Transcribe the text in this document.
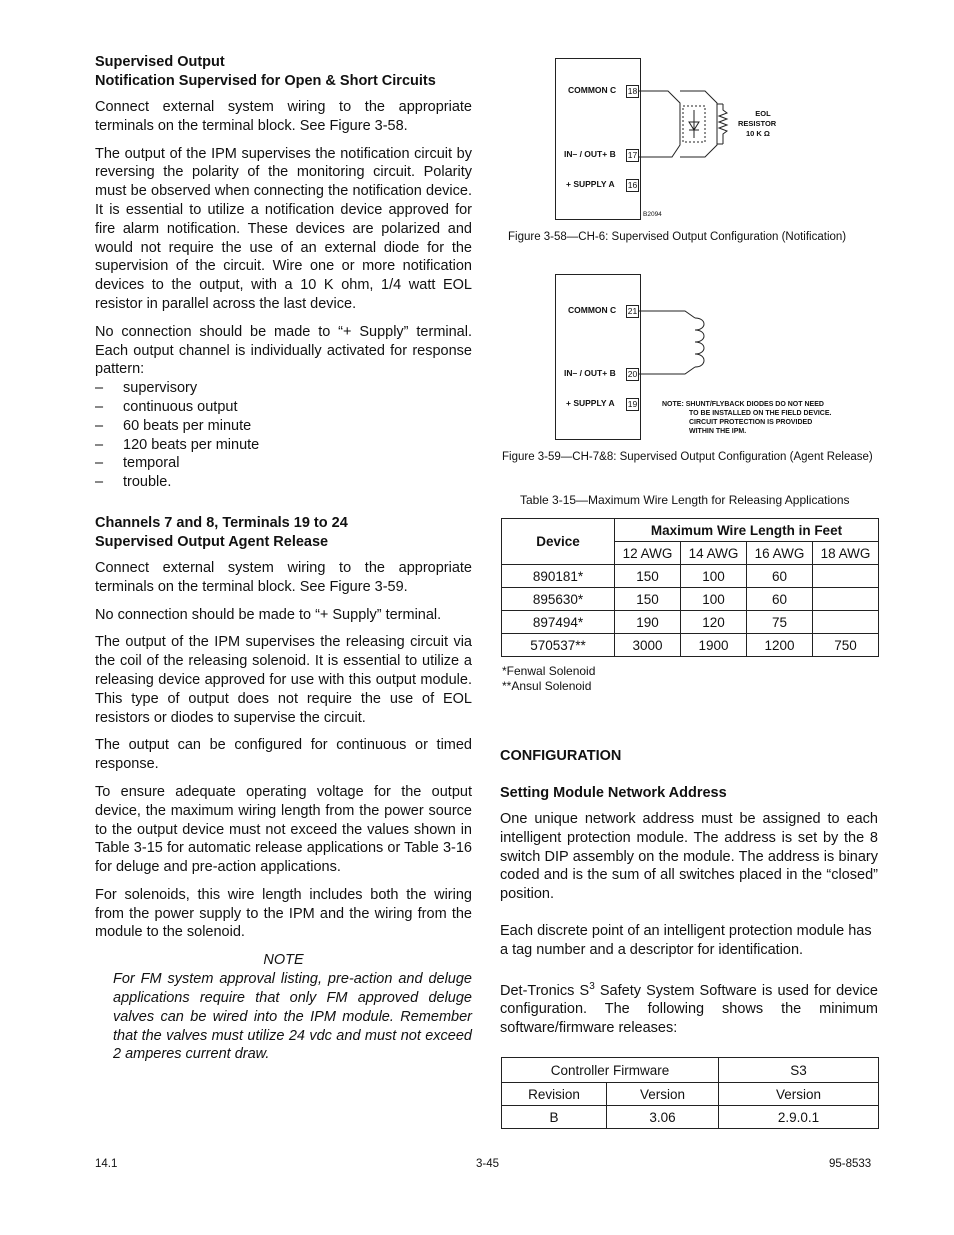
Supervised Output

Notification Supervised for Open & Short Circuits

Connect external system wiring to the appropriate terminals on the terminal block. See Figure 3-58.

The output of the IPM supervises the notification circuit by reversing the polarity of the monitoring circuit. Polarity must be observed when connecting the notification device. It is essential to utilize a notification device approved for fire alarm notification. These devices are polarized and would not require the use of an external diode for the supervision of the circuit. Wire one or more notification devices to the output, with a 10 K ohm, 1/4 watt EOL resistor in parallel across the last device.

No connection should be made to “+ Supply” terminal. Each output channel is individually activated for response pattern:

– supervisory
– continuous output
– 60 beats per minute
– 120 beats per minute
– temporal
– trouble.

Channels 7 and 8, Terminals 19 to 24

Supervised Output Agent Release

Connect external system wiring to the appropriate terminals on the terminal block. See Figure 3-59.

No connection should be made to “+ Supply” terminal.

The output of the IPM supervises the releasing circuit via the coil of the releasing solenoid. It is essential to utilize a releasing device approved for use with this output module. This type of output does not require the use of EOL resistors or diodes to supervise the circuit.

The output can be configured for continuous or timed response.

To ensure adequate operating voltage for the output device, the maximum wiring length from the power source to the output device must not exceed the values shown in Table 3-15 for automatic release applications or Table 3-16 for deluge and pre-action applications.

For solenoids, this wire length includes both the wiring from the power supply to the IPM and the wiring from the module to the solenoid.

NOTE

For FM system approval listing, pre-action and deluge applications require that only FM approved deluge valves can be wired into the IPM module. Remember that the valves must utilize 24 vdc and must not exceed 2 amperes current draw.

COMMON C 18
IN– / OUT+ B 17
+ SUPPLY A 16
EOL
RESISTOR
10 K Ω
B2094
Figure 3-58—CH-6: Supervised Output Configuration (Notification)
COMMON C 21
IN– / OUT+ B 20
+ SUPPLY A 19	NOTE: SHUNT/FLYBACK DIODES DO NOT NEED
TO BE INSTALLED ON THE FIELD DEVICE.
CIRCUIT PROTECTION IS PROVIDED
WITHIN THE IPM.
Figure 3-59—CH-7&8: Supervised Output Configuration (Agent Release)
Table 3-15—Maximum Wire Length for Releasing Applications
Device	Maximum Wire Length in Feet			
	12 AWG	14 AWG	16 AWG	18 AWG
890181*	150	100	60	
895630*	150	100	60	
897494*	190	120	75	
570537**	3000	1900	1200	750
*Fenwal Solenoid
**Ansul Solenoid

CONFIGURATION

Setting Module Network Address

One unique network address must be assigned to each intelligent protection module. The address is set by the 8 switch DIP assembly on the module. The address is binary coded and is the sum of all switches placed in the “closed” position.

Each discrete point of an intelligent protection module has a tag number and a descriptor for identification.

Det-Tronics $S^3$ Safety System Software is used for device configuration. The following shows the minimum software/firmware releases:

Controller Firmware		S3
Revision	Version	Version
B	3.06	2.9.0.1
14.1	3-45	95-8533
